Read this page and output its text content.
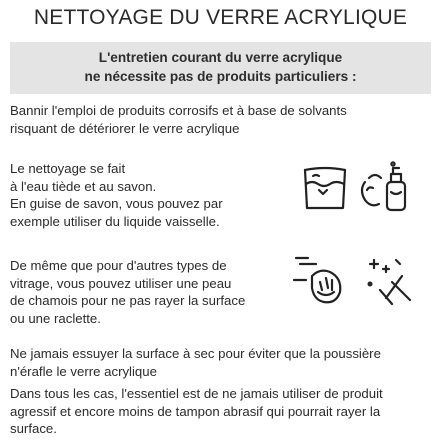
NETTOYAGE DU VERRE ACRYLIQUE
L'entretien courant du verre acrylique
ne nécessite pas de produits particuliers :
Bannir l'emploi de produits corrosifs et à base de solvants
risquant de détériorer le verre acrylique
Le nettoyage se fait
à l'eau tiède et au savon.
En guise de savon, vous pouvez par
exemple utiliser du liquide vaisselle.
De même que pour d'autres types de
vitrage, vous pouvez utiliser une peau
de chamois pour ne pas rayer la surface
ou une raclette.
Ne jamais essuyer la surface à sec pour éviter que la poussière
n'érafle le verre acrylique
Dans tous les cas, l'essentiel est de ne jamais utiliser de produit
agressif et encore moins de tampon abrasif qui pourrait rayer la
surface.
